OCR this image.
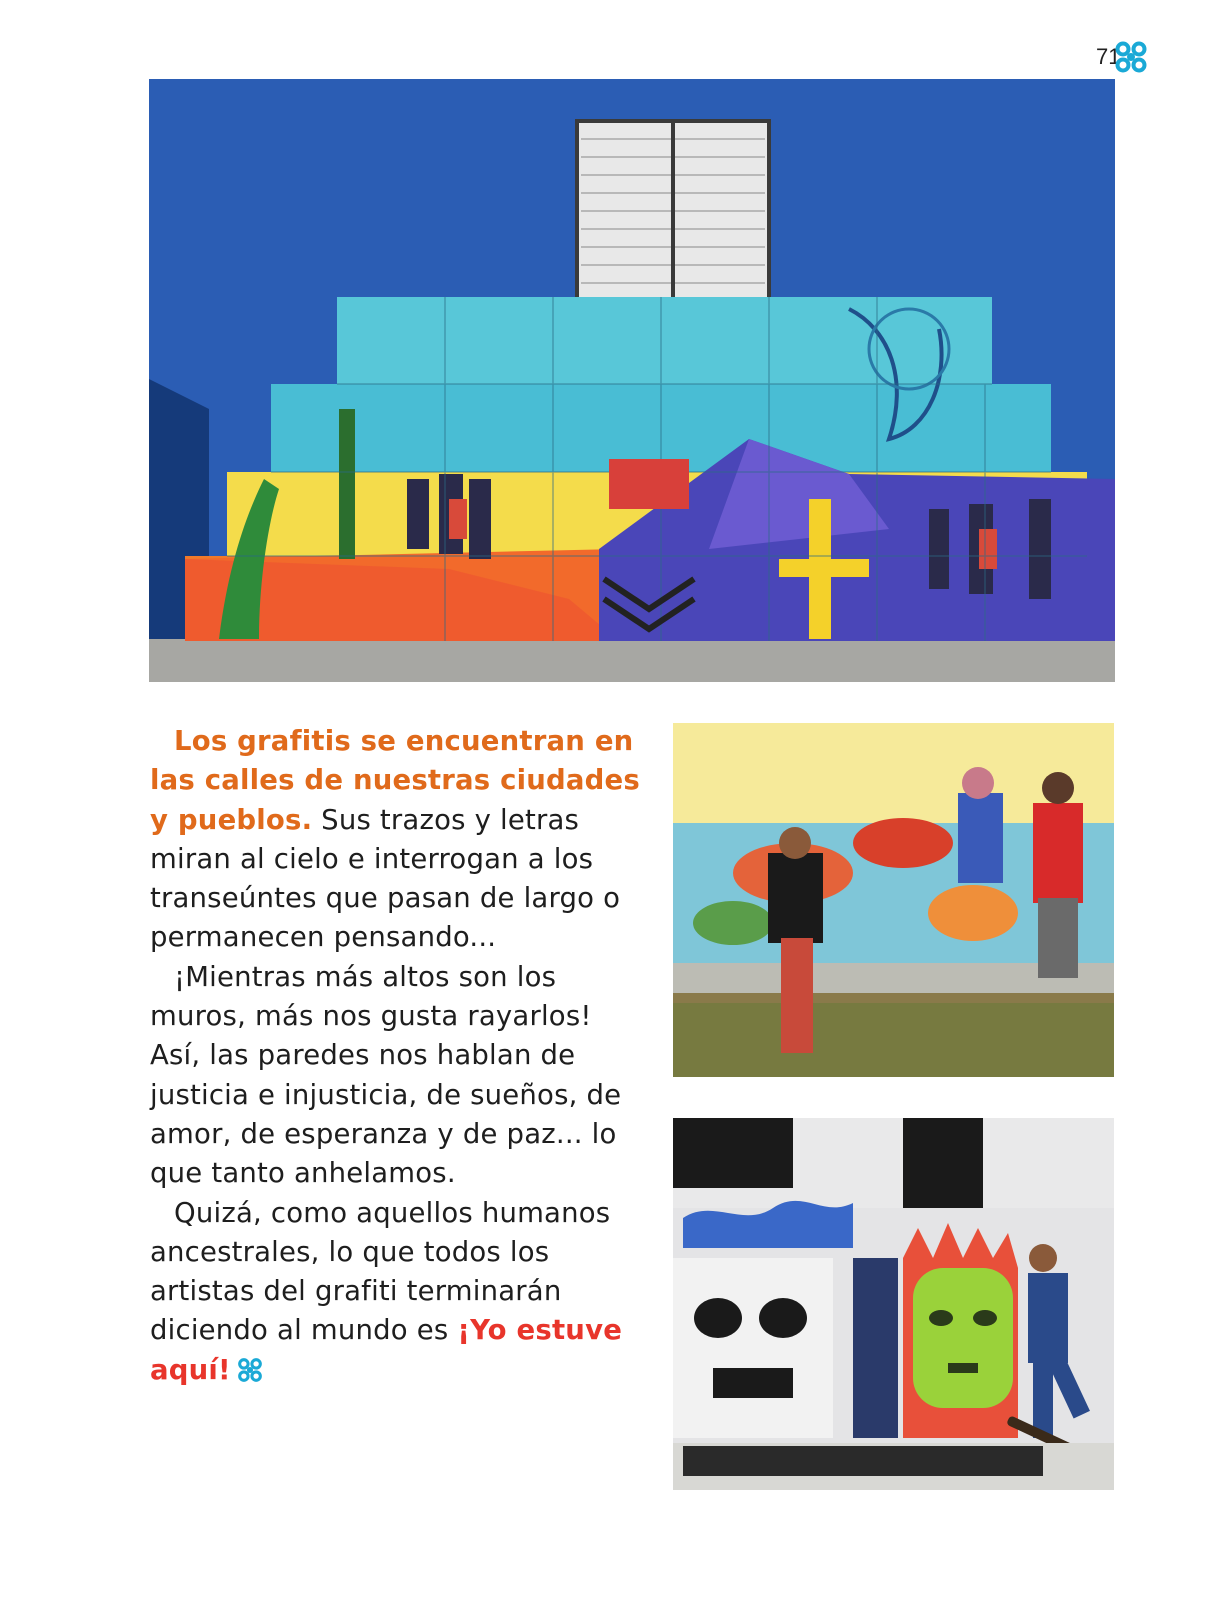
71

Los grafitis se encuentran en las calles de nuestras ciudades y pueblos. Sus trazos y letras miran al cielo e interrogan a los transeúntes que pasan de largo o permanecen pensando...

¡Mientras más altos son los muros, más nos gusta rayarlos! Así, las paredes nos hablan de justicia e injusticia, de sueños, de amor, de esperanza y de paz... lo que tanto anhelamos.

Quizá, como aquellos humanos ancestrales, lo que todos los artistas del grafiti terminarán diciendo al mundo es ¡Yo estuve aquí!
